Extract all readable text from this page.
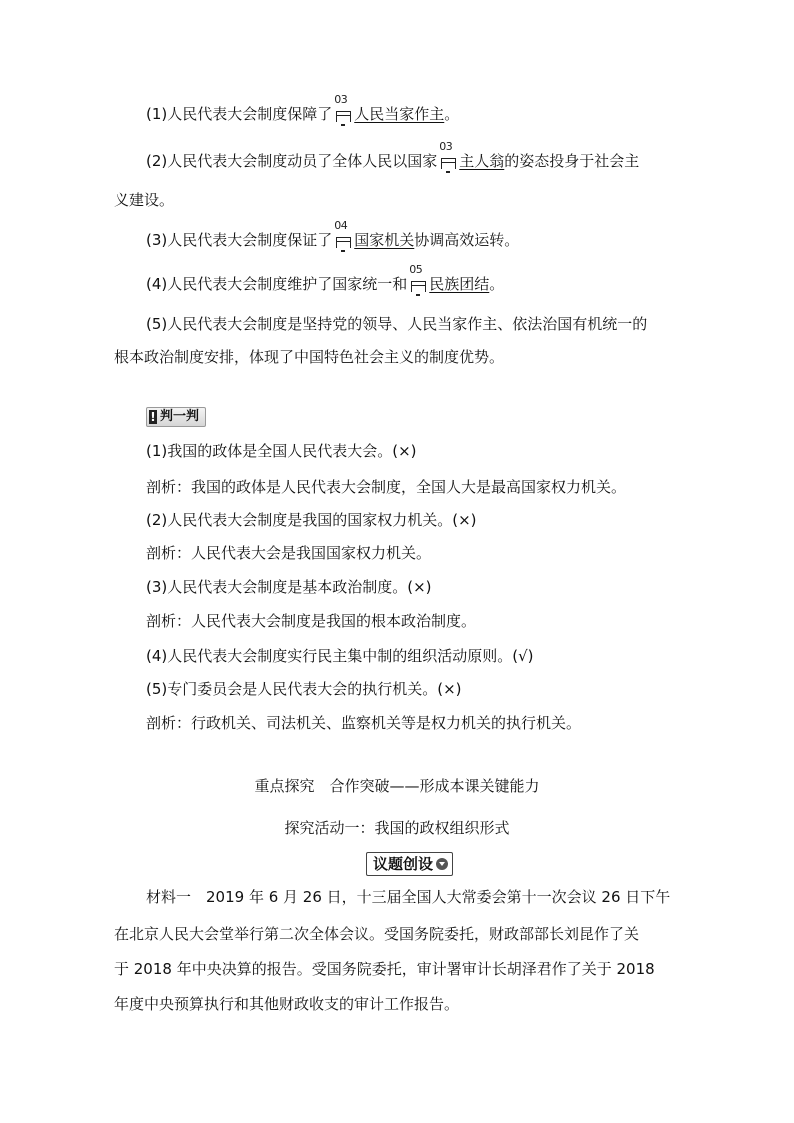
(1)人民代表大会制度保障了
03
人民当家作主。
(2)人民代表大会制度动员了全体人民以国家
03
主人翁的姿态投身于社会主
义建设。
(3)人民代表大会制度保证了
04
国家机关协调高效运转。
(4)人民代表大会制度维护了国家统一和
05
民族团结。
(5)人民代表大会制度是坚持党的领导、人民当家作主、依法治国有机统一的
根本政治制度安排，体现了中国特色社会主义的制度优势。
! 判一判
(1)我国的政体是全国人民代表大会。(×)
剖析：我国的政体是人民代表大会制度，全国人大是最高国家权力机关。
(2)人民代表大会制度是我国的国家权力机关。(×)
剖析：人民代表大会是我国国家权力机关。
(3)人民代表大会制度是基本政治制度。(×)
剖析：人民代表大会制度是我国的根本政治制度。
(4)人民代表大会制度实行民主集中制的组织活动原则。(√)
(5)专门委员会是人民代表大会的执行机关。(×)
剖析：行政机关、司法机关、监察机关等是权力机关的执行机关。
重点探究　合作突破——形成本课关键能力
探究活动一：我国的政权组织形式
议题创设
材料一　2019 年 6 月 26 日，十三届全国人大常委会第十一次会议 26 日下午
在北京人民大会堂举行第二次全体会议。受国务院委托，财政部部长刘昆作了关
于 2018 年中央决算的报告。受国务院委托，审计署审计长胡泽君作了关于 2018
年度中央预算执行和其他财政收支的审计工作报告。
